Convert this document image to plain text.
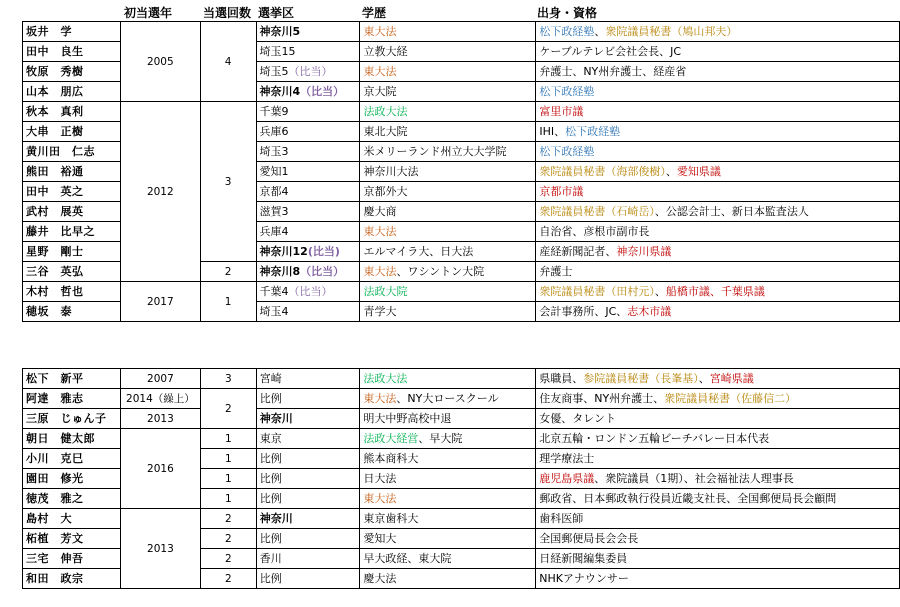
初当選年	当選回数 選挙区	学歴	出身・資格
坂井　学	2005	4	神奈川5	東大法	松下政経塾、衆院議員秘書（鳩山邦夫）
田中　良生			埼玉15	立教大経	ケーブルテレビ会社会長、JC
牧原　秀樹			埼玉5（比当）	東大法	弁護士、NY州弁護士、経産省
山本　朋広			神奈川4（比当）	京大院	松下政経塾
秋本　真利	2012	3	千葉9	法政大法	富里市議
大串　正樹			兵庫6	東北大院	IHI、松下政経塾
黄川田　仁志			埼玉3	米メリーランド州立大大学院	松下政経塾
熊田　裕通			愛知1	神奈川大法	衆院議員秘書（海部俊樹）、愛知県議
田中　英之			京都4	京都外大	京都市議
武村　展英			滋賀3	慶大商	衆院議員秘書（石崎岳）、公認会計士、新日本監査法人
藤井　比早之			兵庫4	東大法	自治省、彦根市副市長
星野　剛士			神奈川12(比当)	エルマイラ大、日大法	産経新聞記者、神奈川県議
三谷　英弘		2	神奈川8（比当）	東大法、ワシントン大院	弁護士
木村　哲也	2017	1	千葉4（比当）	法政大院	衆院議員秘書（田村元）、船橋市議、千葉県議
穂坂　泰			埼玉4	青学大	会計事務所、JC、志木市議
松下　新平	2007	3	宮崎	法政大法	県職員、参院議員秘書（長峯基）、宮崎県議
阿達　雅志	2014（繰上）	2	比例	東大法、NY大ロースクール	住友商事、NY州弁護士、衆院議員秘書（佐藤信二）
三原　じゅん子	2013		神奈川	明大中野高校中退	女優、タレント
朝日　健太郎	2016	1	東京	法政大経営、早大院	北京五輪・ロンドン五輪ビーチバレー日本代表
小川　克巳		1	比例	熊本商科大	理学療法士
園田　修光		1	比例	日大法	鹿児島県議、衆院議員（1期）、社会福祉法人理事長
徳茂　雅之		1	比例	東大法	郵政省、日本郵政執行役員近畿支社長、全国郵便局長会顧問
島村　大	2013	2	神奈川	東京歯科大	歯科医師
柘植　芳文		2	比例	愛知大	全国郵便局長会会長
三宅　伸吾		2	香川	早大政経、東大院	日経新聞編集委員
和田　政宗		2	比例	慶大法	NHKアナウンサー
